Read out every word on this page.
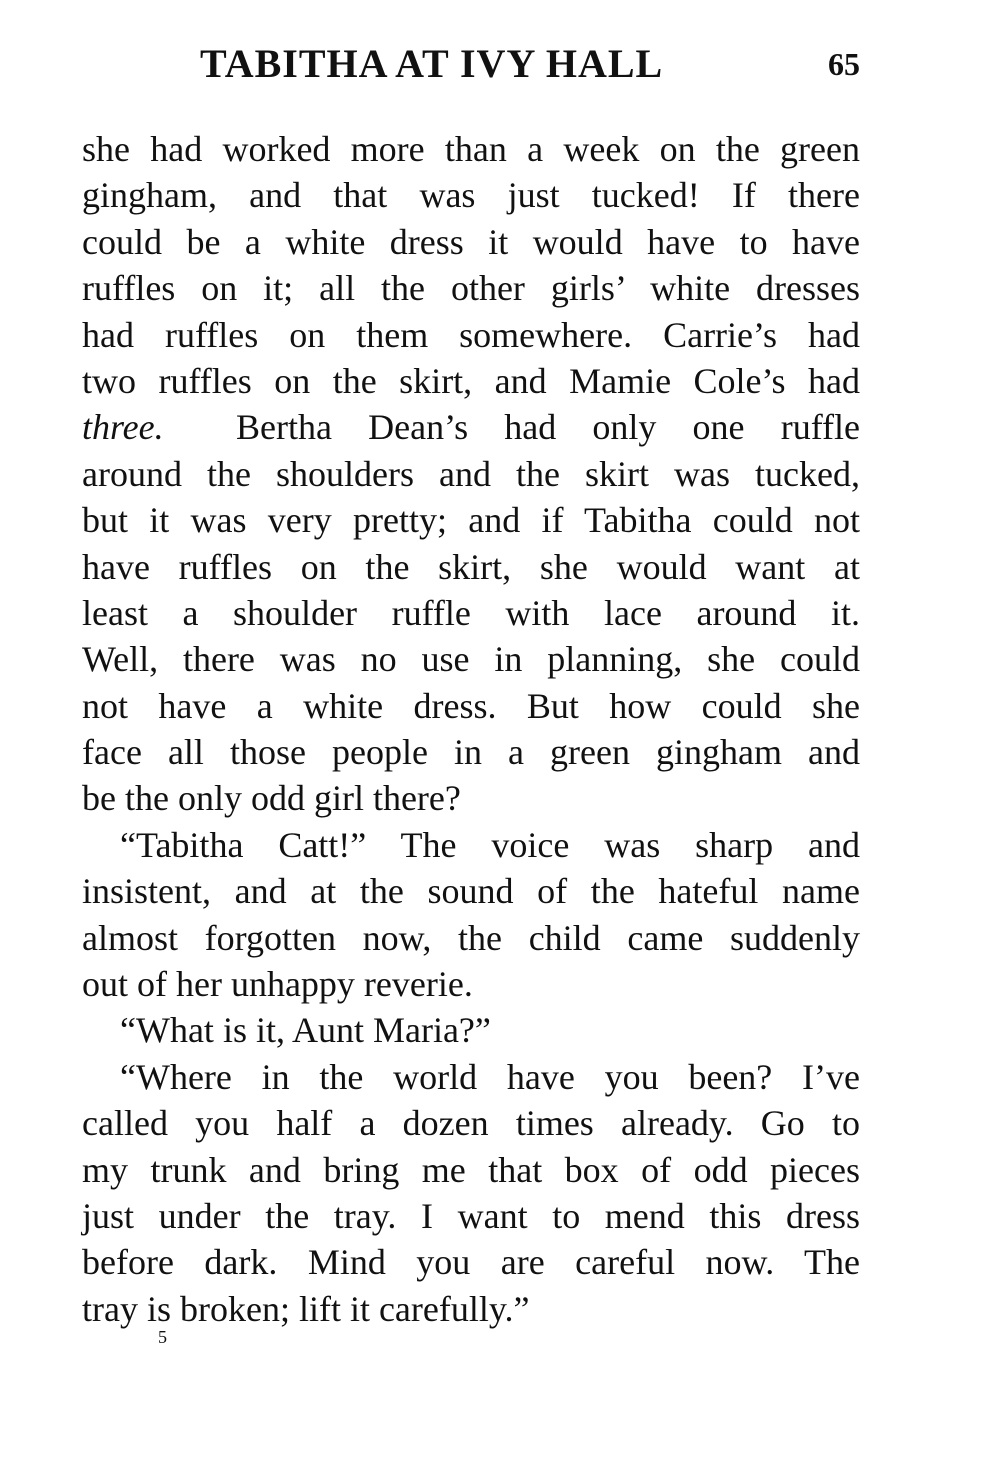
TABITHA AT IVY HALL	65
she had worked more than a week on the green
gingham, and that was just tucked! If there
could be a white dress it would have to have
ruffles on it; all the other girls’ white dresses
had ruffles on them somewhere. Carrie’s had
two ruffles on the skirt, and Mamie Cole’s had
three. Bertha Dean’s had only one ruffle
around the shoulders and the skirt was tucked,
but it was very pretty; and if Tabitha could not
have ruffles on the skirt, she would want at
least a shoulder ruffle with lace around it.
Well, there was no use in planning, she could
not have a white dress. But how could she
face all those people in a green gingham and
be the only odd girl there?
“Tabitha Catt!” The voice was sharp and
insistent, and at the sound of the hateful name
almost forgotten now, the child came suddenly
out of her unhappy reverie.
“What is it, Aunt Maria?”
“Where in the world have you been? I’ve
called you half a dozen times already. Go to
my trunk and bring me that box of odd pieces
just under the tray. I want to mend this dress
before dark. Mind you are careful now. The
tray is broken; lift it carefully.”
5
